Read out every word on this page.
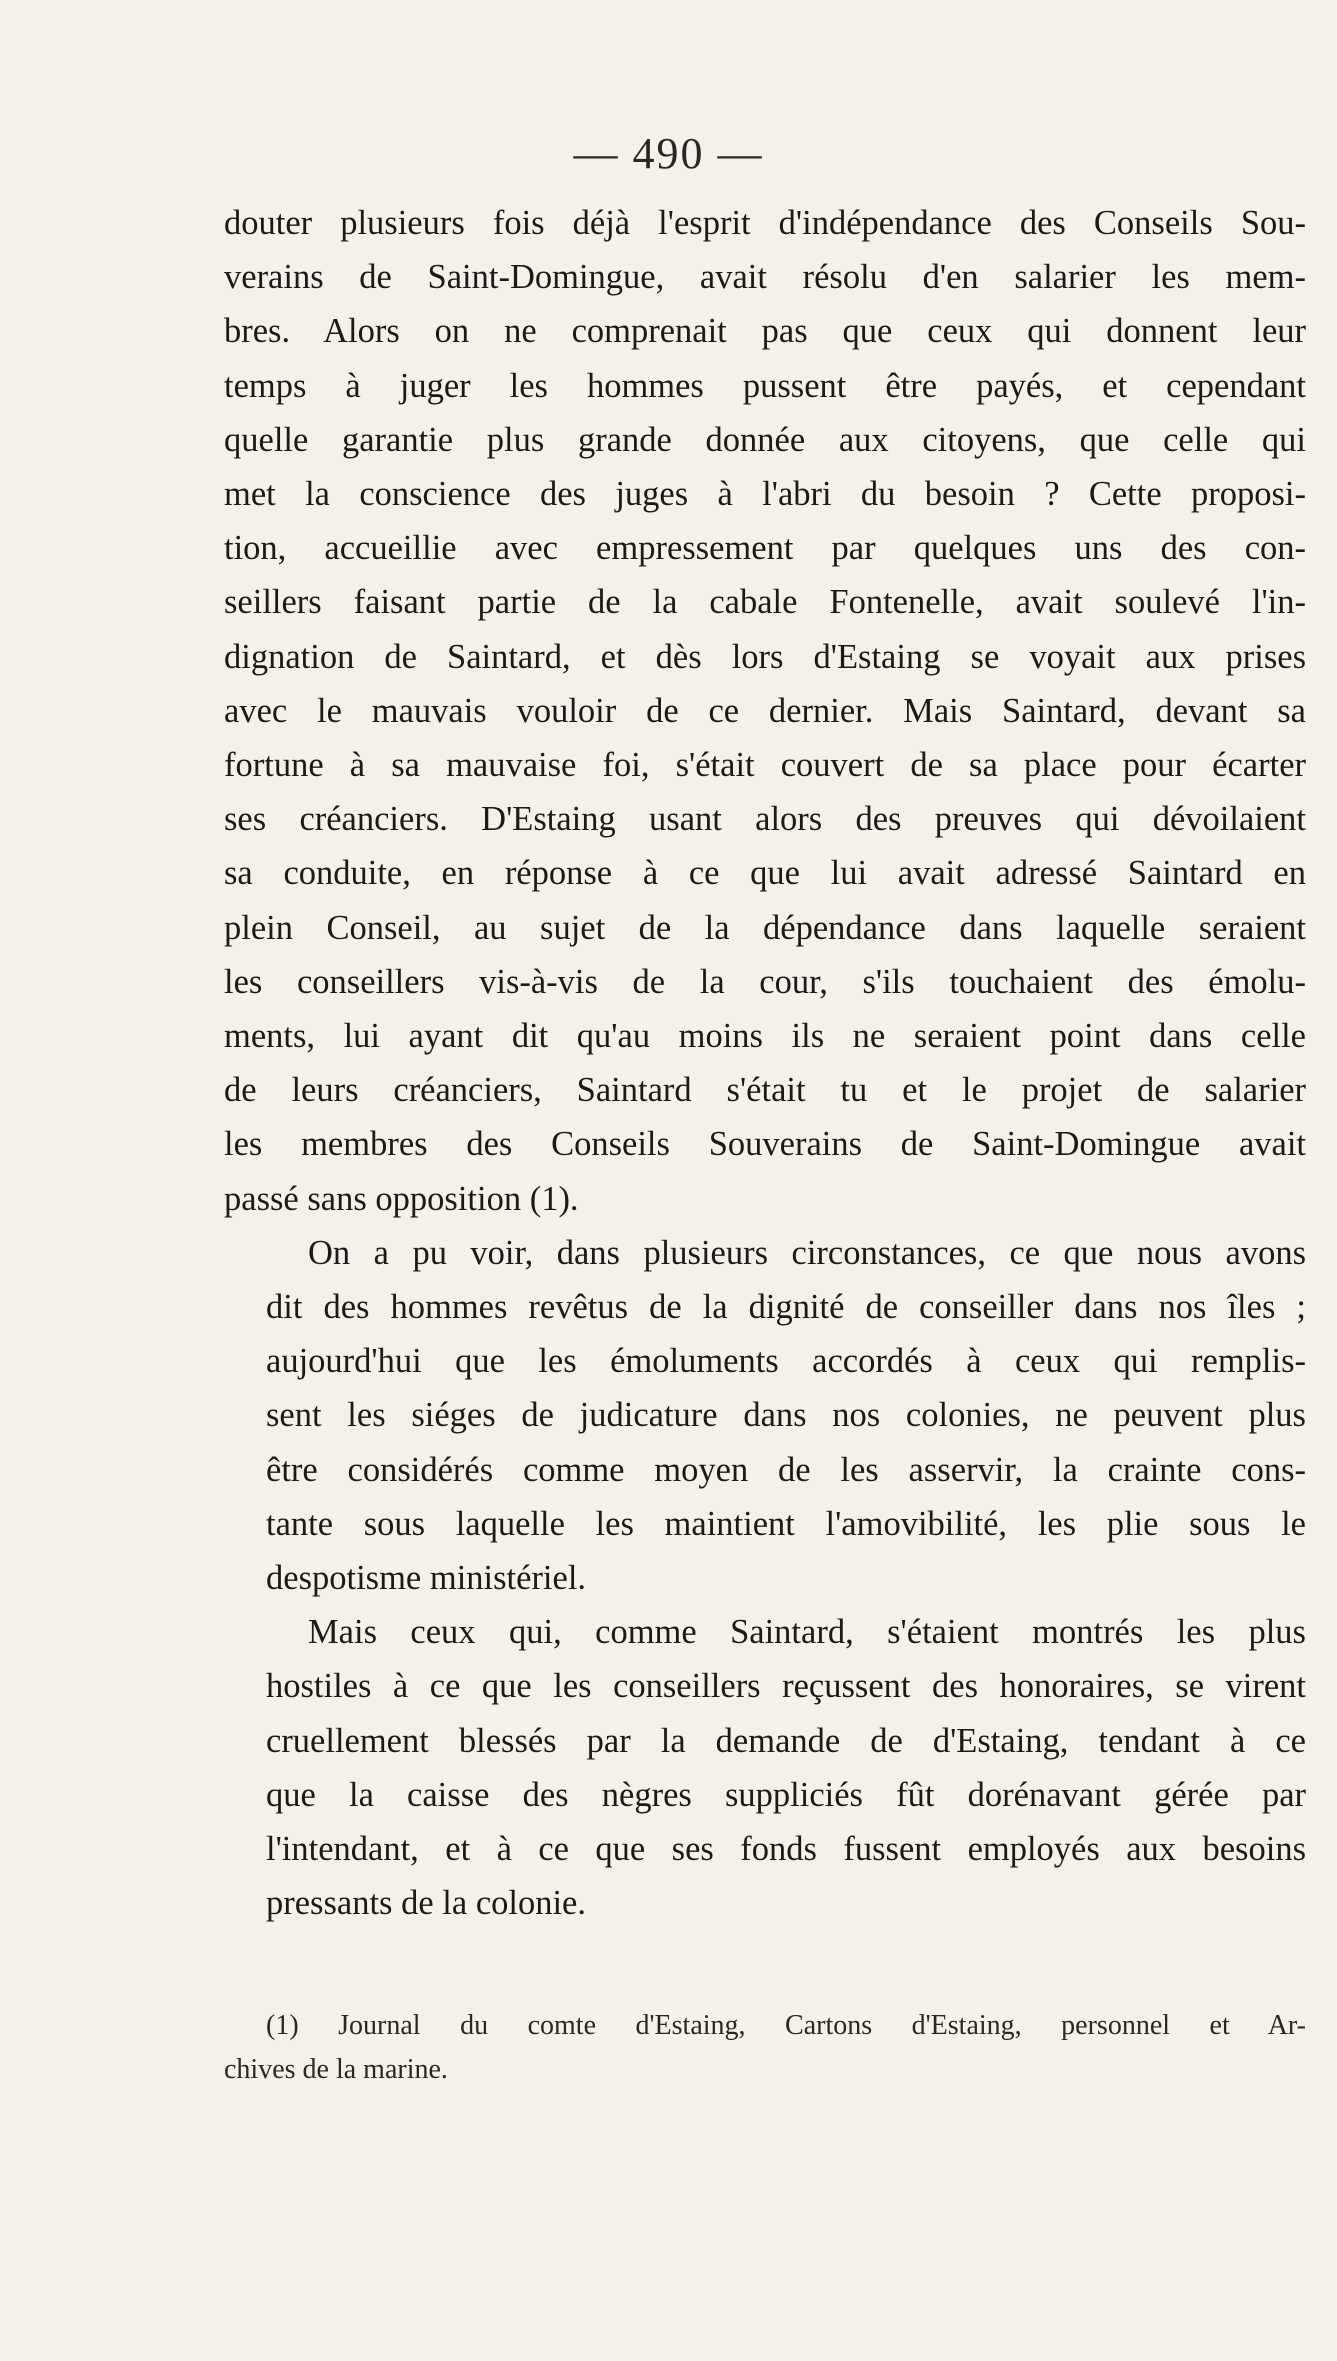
— 490 —
douter plusieurs fois déjà l'esprit d'indépendance des Conseils Sou-
verains de Saint-Domingue, avait résolu d'en salarier les mem-
bres. Alors on ne comprenait pas que ceux qui donnent leur
temps à juger les hommes pussent être payés, et cependant
quelle garantie plus grande donnée aux citoyens, que celle qui
met la conscience des juges à l'abri du besoin ? Cette proposi-
tion, accueillie avec empressement par quelques uns des con-
seillers faisant partie de la cabale Fontenelle, avait soulevé l'in-
dignation de Saintard, et dès lors d'Estaing se voyait aux prises
avec le mauvais vouloir de ce dernier. Mais Saintard, devant sa
fortune à sa mauvaise foi, s'était couvert de sa place pour écarter
ses créanciers. D'Estaing usant alors des preuves qui dévoilaient
sa conduite, en réponse à ce que lui avait adressé Saintard en
plein Conseil, au sujet de la dépendance dans laquelle seraient
les conseillers vis-à-vis de la cour, s'ils touchaient des émolu-
ments, lui ayant dit qu'au moins ils ne seraient point dans celle
de leurs créanciers, Saintard s'était tu et le projet de salarier
les membres des Conseils Souverains de Saint-Domingue avait
passé sans opposition (1).
On a pu voir, dans plusieurs circonstances, ce que nous avons
dit des hommes revêtus de la dignité de conseiller dans nos îles ;
aujourd'hui que les émoluments accordés à ceux qui remplis-
sent les siéges de judicature dans nos colonies, ne peuvent plus
être considérés comme moyen de les asservir, la crainte cons-
tante sous laquelle les maintient l'amovibilité, les plie sous le
despotisme ministériel.
Mais ceux qui, comme Saintard, s'étaient montrés les plus
hostiles à ce que les conseillers reçussent des honoraires, se virent
cruellement blessés par la demande de d'Estaing, tendant à ce
que la caisse des nègres suppliciés fût dorénavant gérée par
l'intendant, et à ce que ses fonds fussent employés aux besoins
pressants de la colonie.
(1) Journal du comte d'Estaing, Cartons d'Estaing, personnel et Ar-
chives de la marine.
